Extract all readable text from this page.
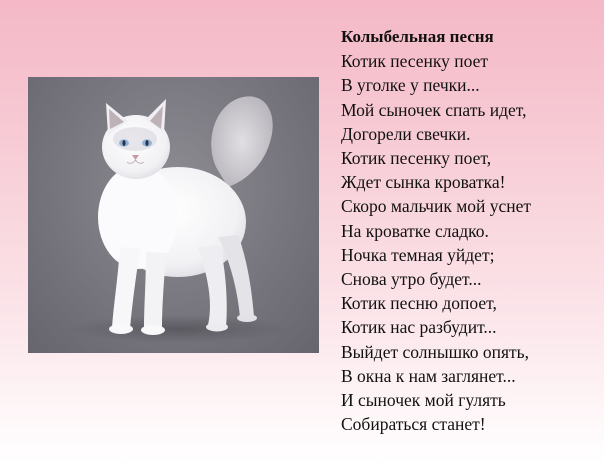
Колыбельная песня
Котик песенку поет
В уголке у печки...
Мой сыночек спать идет,
Догорели свечки.
Котик песенку поет,
Ждет сынка кроватка!
Скоро мальчик мой уснет
На кроватке сладко.
Ночка темная уйдет;
Снова утро будет...
Котик песню допоет,
Котик нас разбудит...
Выйдет солнышко опять,
В окна к нам заглянет...
И сыночек мой гулять
Собираться станет!
